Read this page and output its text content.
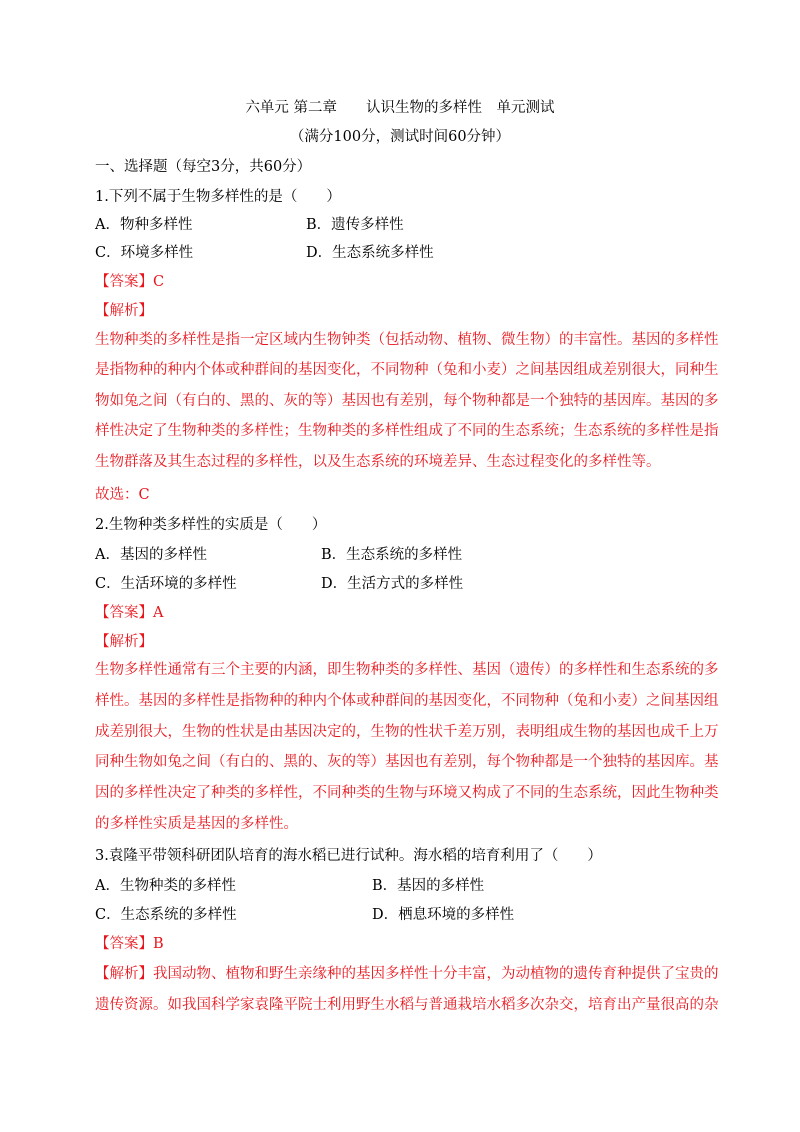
六单元 第二章　　认识生物的多样性　单元测试
（满分100分，测试时间60分钟）
一、选择题（每空3分，共60分）
1.下列不属于生物多样性的是（　　）
A．物种多样性	B．遗传多样性
C．环境多样性	D．生态系统多样性
【答案】C
【解析】
生物种类的多样性是指一定区域内生物钟类（包括动物、植物、微生物）的丰富性。基因的多样性
是指物种的种内个体或种群间的基因变化，不同物种（兔和小麦）之间基因组成差别很大，同种生
物如兔之间（有白的、黑的、灰的等）基因也有差别，每个物种都是一个独特的基因库。基因的多
样性决定了生物种类的多样性；生物种类的多样性组成了不同的生态系统；生态系统的多样性是指
生物群落及其生态过程的多样性，以及生态系统的环境差异、生态过程变化的多样性等。
故选：C
2.生物种类多样性的实质是（　　）
A．基因的多样性	B．生态系统的多样性
C．生活环境的多样性	D．生活方式的多样性
【答案】A
【解析】
生物多样性通常有三个主要的内涵，即生物种类的多样性、基因（遗传）的多样性和生态系统的多
样性。基因的多样性是指物种的种内个体或种群间的基因变化，不同物种（兔和小麦）之间基因组
成差别很大，生物的性状是由基因决定的，生物的性状千差万别，表明组成生物的基因也成千上万
同种生物如兔之间（有白的、黑的、灰的等）基因也有差别，每个物种都是一个独特的基因库。基
因的多样性决定了种类的多样性，不同种类的生物与环境又构成了不同的生态系统，因此生物种类
的多样性实质是基因的多样性。
3.袁隆平带领科研团队培育的海水稻已进行试种。海水稻的培育利用了（　　）
A．生物种类的多样性	B．基因的多样性
C．生态系统的多样性	D．栖息环境的多样性
【答案】B
【解析】我国动物、植物和野生亲缘种的基因多样性十分丰富，为动植物的遗传育种提供了宝贵的
遗传资源。如我国科学家袁隆平院士利用野生水稻与普通栽培水稻多次杂交，培育出产量很高的杂
